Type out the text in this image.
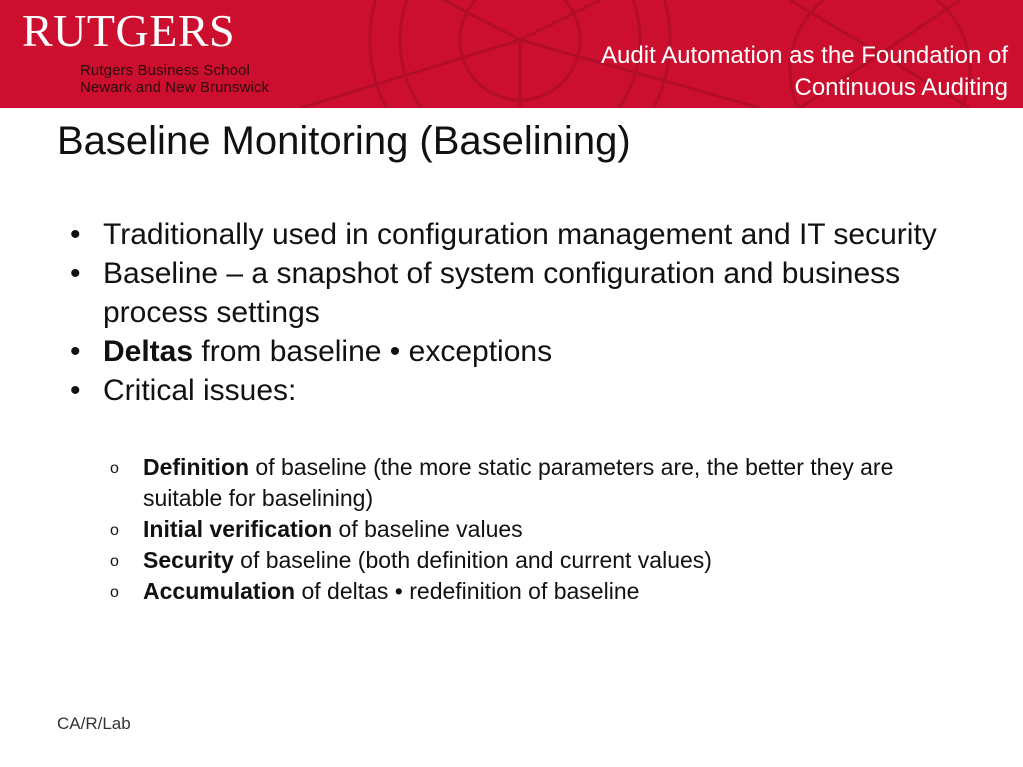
RUTGERS
Rutgers Business School
Newark and New Brunswick
Audit Automation as the Foundation of
Continuous Auditing
Baseline Monitoring (Baselining)
• Traditionally used in configuration management and IT security
• Baseline – a snapshot of system configuration and business process settings
• Deltas from baseline • exceptions
• Critical issues:
o Definition of baseline (the more static parameters are, the better they are suitable for baselining)
o Initial verification of baseline values
o Security of baseline (both definition and current values)
o Accumulation of deltas • redefinition of baseline
CA/R/Lab
